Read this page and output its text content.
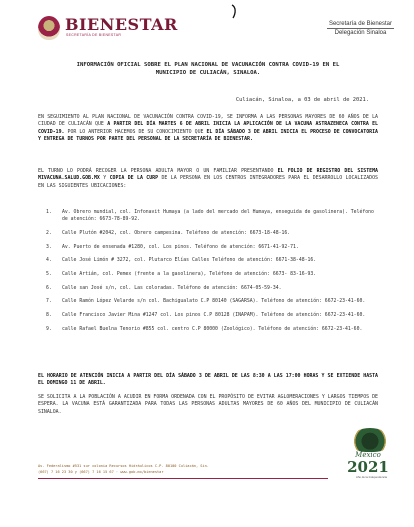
BIENESTAR
SECRETARÍA DE BIENESTAR
Secretaría de Bienestar
Delegación Sinaloa
INFORMACIÓN OFICIAL SOBRE EL PLAN NACIONAL DE VACUNACIÓN CONTRA COVID-19 EN EL MUNICIPIO DE CULIACÁN, SINALOA.
Culiacán, Sinaloa, a 03 de abril de 2021.
EN SEGUIMIENTO AL PLAN NACIONAL DE VACUNACIÓN CONTRA COVID-19, SE INFORMA A LAS PERSONAS MAYORES DE 60 AÑOS DE LA CIUDAD DE CULIACÁN QUE A PARTIR DEL DÍA MARTES 6 DE ABRIL INICIA LA APLICACIÓN DE LA VACUNA ASTRAZENECA CONTRA EL COVID-19. POR LO ANTERIOR HACEMOS DE SU CONOCIMIENTO QUE EL DÍA SÁBADO 3 DE ABRIL INICIA EL PROCESO DE CONVOCATORIA Y ENTREGA DE TURNOS POR PARTE DEL PERSONAL DE LA SECRETARÍA DE BIENESTAR.
EL TURNO LO PODRÁ RECOGER LA PERSONA ADULTA MAYOR O UN FAMILIAR PRESENTANDO EL FOLIO DE REGISTRO DEL SISTEMA MIVACUNA.SALUD.GOB.MX Y COPIA DE LA CURP DE LA PERSONA EN LOS CENTROS INTEGRADORES PARA EL DESARROLLO LOCALIZADOS EN LAS SIGUIENTES UBICACIONES:
1. Av. Obrero mundial, col. Infonavit Humaya (a lado del mercado del Humaya, enseguida de gasolinera). Teléfono de atención: 6673-78-89-92.
2. Calle Plutón #2042, col. Obrero campesina. Teléfono de atención: 6673-18-48-16.
3. Av. Puerto de ensenada #1280, col. Los pinos. Teléfono de atención: 6671-41-92-71.
4. Calle José Limón # 3272, col. Plutarco Elías Calles Teléfono de atención: 6671-38-48-16.
5. Calle Artián, col. Pemex (frente a la gasolinera), Teléfono de atención: 6673- 83-16-93.
6. Calle san José s/n, col. Las coloradas. Teléfono de atención: 6674-05-59-34.
7. Calle Ramón López Velarde s/n col. Bachigualato C.P 80140 (SAGARSA). Teléfono de atención: 6672-23-41-60.
8. Calle Francisco Javier Mina #1247 col. Los pinos C.P 80128 (INAPAM). Teléfono de atención: 6672-23-41-60.
9. calle Rafael Buelna Tenorio #855 col. centro C.P 80000 (Zoológico). Teléfono de atención: 6672-23-41-60.
EL HORARIO DE ATENCIÓN INICIA A PARTIR DEL DÍA SÁBADO 3 DE ABRIL DE LAS 8:30 A LAS 17:00 HORAS Y SE EXTIENDE HASTA EL DOMINGO 11 DE ABRIL.
SE SOLICITA A LA POBLACIÓN A ACUDIR EN FORMA ORDENADA CON EL PROPÓSITO DE EVITAR AGLOMERACIONES Y LARGOS TIEMPOS DE ESPERA. LA VACUNA ESTÁ GARANTIZADA PARA TODAS LAS PERSONAS ADULTAS MAYORES DE 60 AÑOS DEL MUNICIPIO DE CULIACÁN SINALOA.
Av. Federalismo #531 sur colonia Recursos Hidráulicos C.P. 80100 Culiacán, Sin.
(667) 7 16 23 30 y (667) 7 16 15 67 · www.gob.mx/bienestar
México
2021
Año de la Independencia
